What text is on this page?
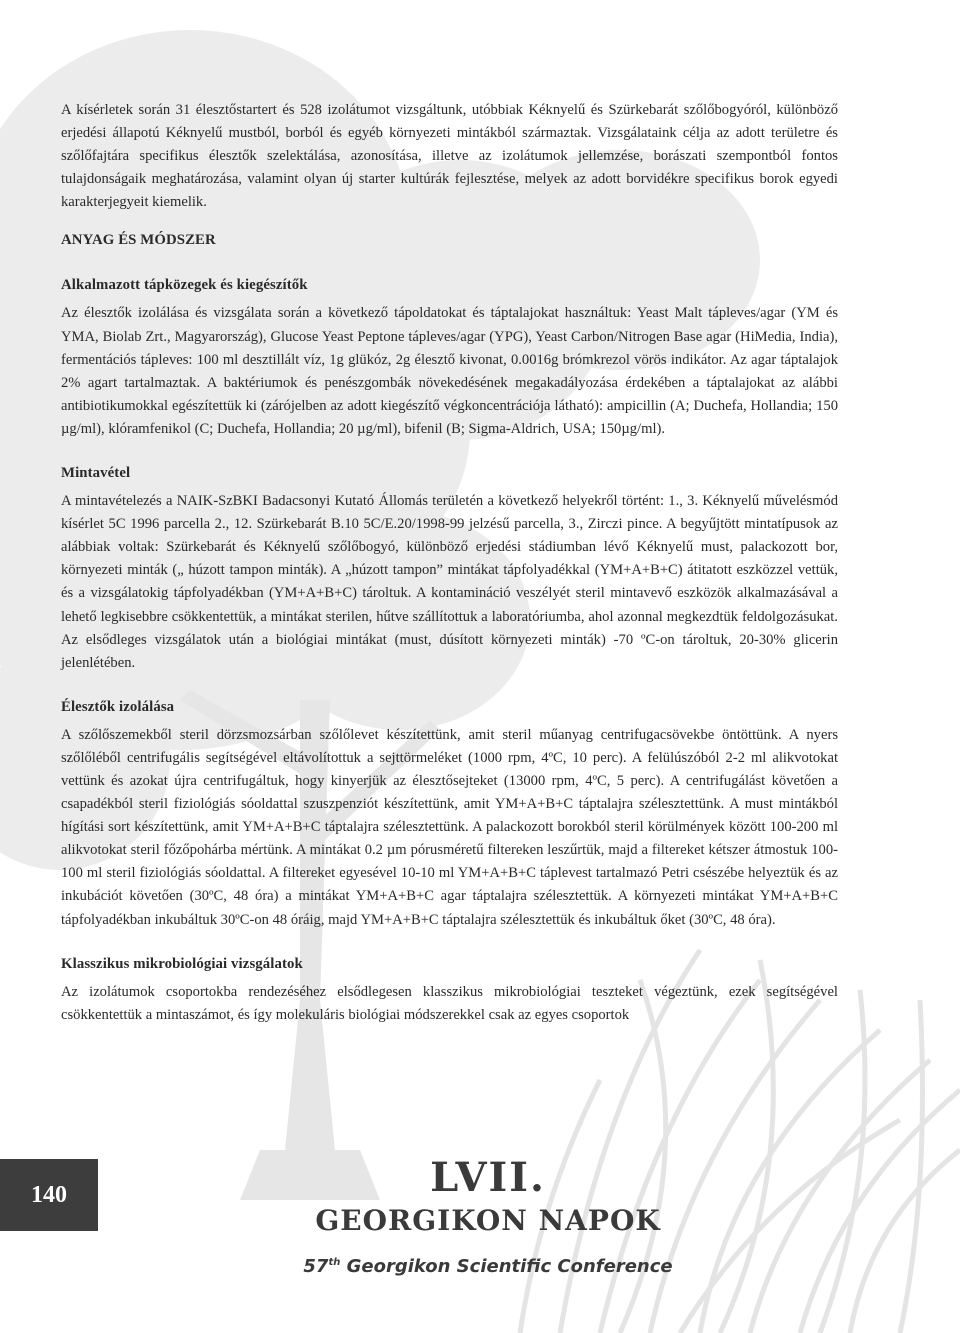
A kísérletek során 31 élesztőstartert és 528 izolátumot vizsgáltunk, utóbbiak Kéknyelű és Szürkebarát szőlőbogyóról, különböző erjedési állapotú Kéknyelű mustból, borból és egyéb környezeti mintákból származtak. Vizsgálataink célja az adott területre és szőlőfajtára specifikus élesztők szelektálása, azonosítása, illetve az izolátumok jellemzése, borászati szempontból fontos tulajdonságaik meghatározása, valamint olyan új starter kultúrák fejlesztése, melyek az adott borvidékre specifikus borok egyedi karakterjegyeit kiemelik.

ANYAG ÉS MÓDSZER
Alkalmazott tápközegek és kiegészítők

Az élesztők izolálása és vizsgálata során a következő tápoldatokat és táptalajokat használtuk: Yeast Malt tápleves/agar (YM és YMA, Biolab Zrt., Magyarország), Glucose Yeast Peptone tápleves/agar (YPG), Yeast Carbon/Nitrogen Base agar (HiMedia, India), fermentációs tápleves: 100 ml desztillált víz, 1g glükóz, 2g élesztő kivonat, 0.0016g brómkrezol vörös indikátor. Az agar táptalajok 2% agart tartalmaztak. A baktériumok és penészgombák növekedésének megakadályozása érdekében a táptalajokat az alábbi antibiotikumokkal egészítettük ki (zárójelben az adott kiegészítő végkoncentrációja látható): ampicillin (A; Duchefa, Hollandia; 150 µg/ml), klóramfenikol (C; Duchefa, Hollandia; 20 µg/ml), bifenil (B; Sigma-Aldrich, USA; 150µg/ml).

Mintavétel

A mintavételezés a NAIK-SzBKI Badacsonyi Kutató Állomás területén a következő helyekről történt: 1., 3. Kéknyelű művelésmód kísérlet 5C 1996 parcella 2., 12. Szürkebarát B.10 5C/E.20/1998-99 jelzésű parcella, 3., Zirczi pince. A begyűjtött mintatípusok az alábbiak voltak: Szürkebarát és Kéknyelű szőlőbogyó, különböző erjedési stádiumban lévő Kéknyelű must, palackozott bor, környezeti minták („ húzott tampon minták). A „húzott tampon” mintákat tápfolyadékkal (YM+A+B+C) átitatott eszközzel vettük, és a vizsgálatokig tápfolyadékban (YM+A+B+C) tároltuk. A kontamináció veszélyét steril mintavevő eszközök alkalmazásával a lehető legkisebbre csökkentettük, a mintákat sterilen, hűtve szállítottuk a laboratóriumba, ahol azonnal megkezdtük feldolgozásukat. Az elsődleges vizsgálatok után a biológiai mintákat (must, dúsított környezeti minták) -70 ºC-on tároltuk, 20-30% glicerin jelenlétében.

Élesztők izolálása

A szőlőszemekből steril dörzsmozsárban szőlőlevet készítettünk, amit steril műanyag centrifugacsövekbe öntöttünk. A nyers szőlőléből centrifugális segítségével eltávolítottuk a sejttörmeléket (1000 rpm, 4ºC, 10 perc). A felülúszóból 2-2 ml alikvotokat vettünk és azokat újra centrifugáltuk, hogy kinyerjük az élesztősejteket (13000 rpm, 4ºC, 5 perc). A centrifugálást követően a csapadékból steril fiziológiás sóoldattal szuszpenziót készítettünk, amit YM+A+B+C táptalajra szélesztettünk. A must mintákból hígítási sort készítettünk, amit YM+A+B+C táptalajra szélesztettünk. A palackozott borokból steril körülmények között 100-200 ml alikvotokat steril főzőpohárba mértünk. A mintákat 0.2 µm pórusméretű filtereken leszűrtük, majd a filtereket kétszer átmostuk 100-100 ml steril fiziológiás sóoldattal. A filtereket egyesével 10-10 ml YM+A+B+C táplevest tartalmazó Petri csészébe helyeztük és az inkubációt követően (30ºC, 48 óra) a mintákat YM+A+B+C agar táptalajra szélesztettük. A környezeti mintákat YM+A+B+C tápfolyadékban inkubáltuk 30ºC-on 48 óráig, majd YM+A+B+C táptalajra szélesztettük és inkubáltuk őket (30ºC, 48 óra).

Klasszikus mikrobiológiai vizsgálatok

Az izolátumok csoportokba rendezéséhez elsődlegesen klasszikus mikrobiológiai teszteket végeztünk, ezek segítségével csökkentettük a mintaszámot, és így molekuláris biológiai módszerekkel csak az egyes csoportok

140	LVII.
GEORGIKON NAPOK
57th Georgikon Scientific Conference
